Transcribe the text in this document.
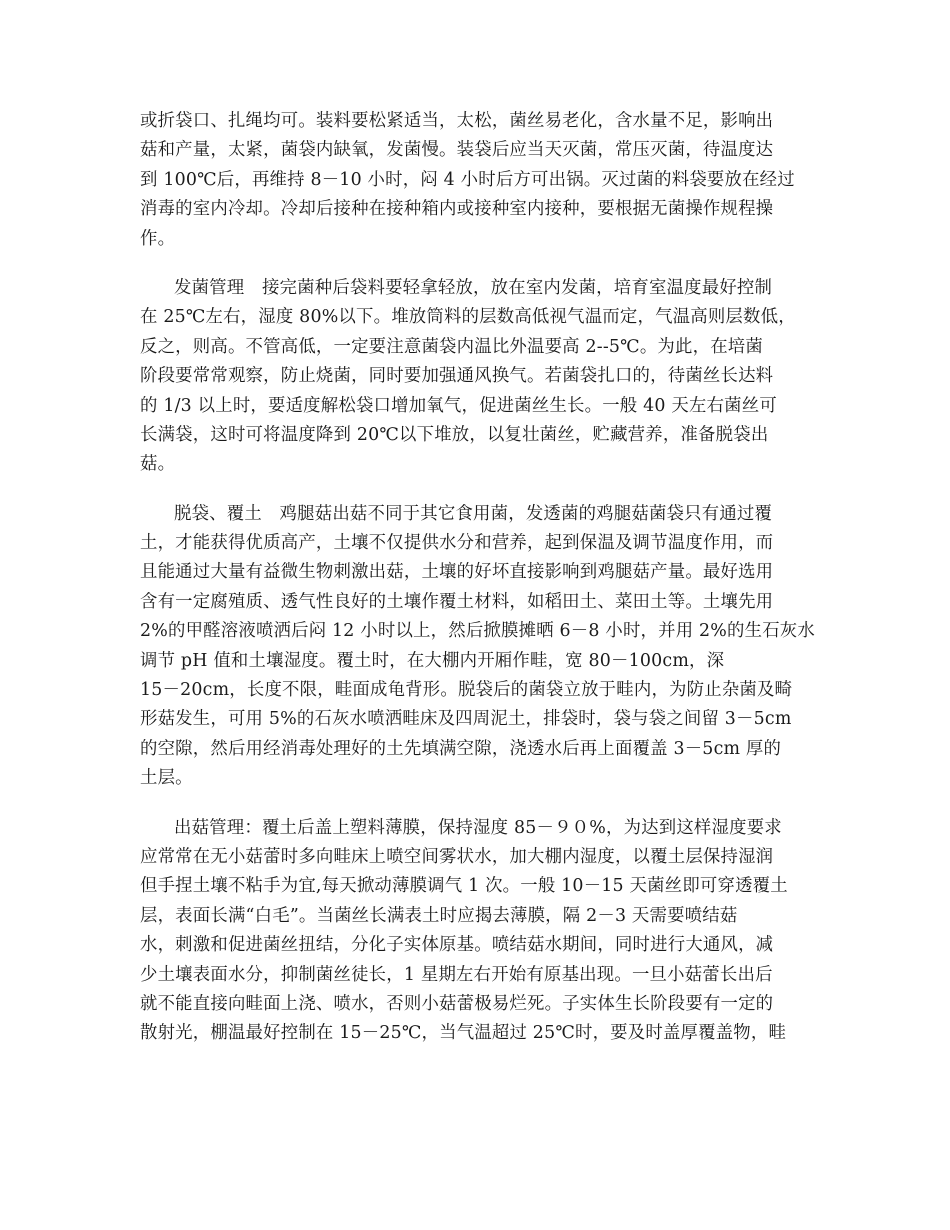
或折袋口、扎绳均可。装料要松紧适当，太松，菌丝易老化，含水量不足，影响出
菇和产量，太紧，菌袋内缺氧，发菌慢。装袋后应当天灭菌，常压灭菌，待温度达
到 100℃后，再维持 8－10 小时，闷 4 小时后方可出锅。灭过菌的料袋要放在经过
消毒的室内冷却。冷却后接种在接种箱内或接种室内接种，要根据无菌操作规程操
作。

发菌管理　接完菌种后袋料要轻拿轻放，放在室内发菌，培育室温度最好控制
在 25℃左右，湿度 80%以下。堆放筒料的层数高低视气温而定，气温高则层数低，
反之，则高。不管高低，一定要注意菌袋内温比外温要高 2--5℃。为此，在培菌
阶段要常常观察，防止烧菌，同时要加强通风换气。若菌袋扎口的，待菌丝长达料
的 1/3 以上时，要适度解松袋口增加氧气，促进菌丝生长。一般 40 天左右菌丝可
长满袋，这时可将温度降到 20℃以下堆放，以复壮菌丝，贮藏营养，准备脱袋出
菇。

脱袋、覆土　鸡腿菇出菇不同于其它食用菌，发透菌的鸡腿菇菌袋只有通过覆
土，才能获得优质高产，土壤不仅提供水分和营养，起到保温及调节温度作用，而
且能通过大量有益微生物刺激出菇，土壤的好坏直接影响到鸡腿菇产量。最好选用
含有一定腐殖质、透气性良好的土壤作覆土材料，如稻田土、菜田土等。土壤先用
2%的甲醛溶液喷洒后闷 12 小时以上，然后掀膜摊晒 6－8 小时，并用 2%的生石灰水
调节 pH 值和土壤湿度。覆土时，在大棚内开厢作畦，宽 80－100cm，深
15－20cm，长度不限，畦面成龟背形。脱袋后的菌袋立放于畦内，为防止杂菌及畸
形菇发生，可用 5%的石灰水喷洒畦床及四周泥土，排袋时，袋与袋之间留 3－5cm
的空隙，然后用经消毒处理好的土先填满空隙，浇透水后再上面覆盖 3－5cm 厚的
土层。

出菇管理：覆土后盖上塑料薄膜，保持湿度 85－９０%，为达到这样湿度要求
应常常在无小菇蕾时多向畦床上喷空间雾状水，加大棚内湿度，以覆土层保持湿润
但手捏土壤不粘手为宜,每天掀动薄膜调气 1 次。一般 10－15 天菌丝即可穿透覆土
层，表面长满“白毛”。当菌丝长满表土时应揭去薄膜，隔 2－3 天需要喷结菇
水，刺激和促进菌丝扭结，分化子实体原基。喷结菇水期间，同时进行大通风，减
少土壤表面水分，抑制菌丝徒长，1 星期左右开始有原基出现。一旦小菇蕾长出后
就不能直接向畦面上浇、喷水，否则小菇蕾极易烂死。子实体生长阶段要有一定的
散射光，棚温最好控制在 15－25℃，当气温超过 25℃时，要及时盖厚覆盖物，畦
